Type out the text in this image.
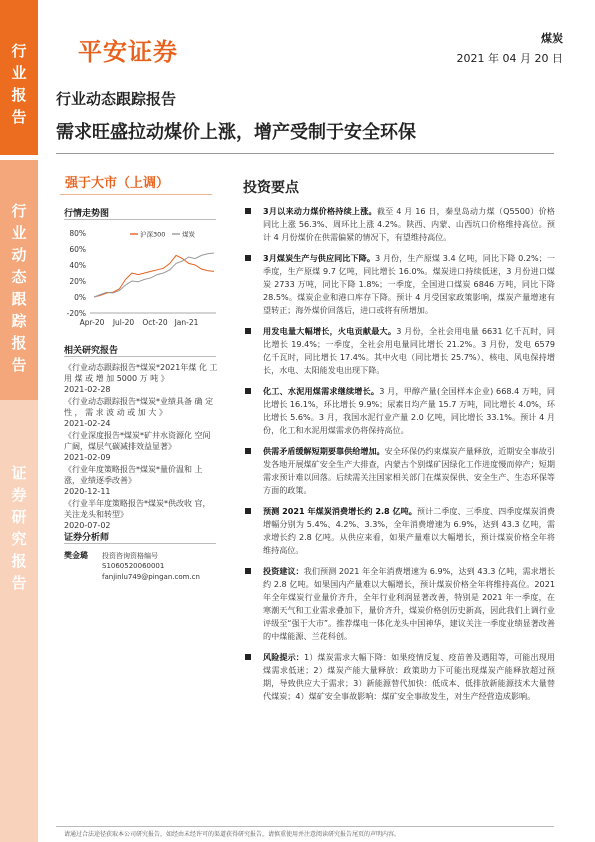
行
业
报
告
行
业
动
态
跟
踪
报
告
证
券
研
究
报
告
平安证券	煤炭
2021 年 04 月 20 日
行业动态跟踪报告
需求旺盛拉动煤价上涨，增产受制于安全环保
强于大市（上调）
行情走势图
80%
60%
40%
20%
0%
-20%
Apr-20 Jul-20 Oct-20 Jan-21
沪深300	煤炭
相关研究报告
《行业动态跟踪报告*煤炭*2021年煤 化 工 用 煤 或 增 加 5000 万 吨 》
2021-02-28
《行业动态跟踪报告*煤炭*业绩具备 确 定 性 ， 需 求 波 动 或 加 大 》
2021-02-24
《行业深度报告*煤炭*矿井水资源化 空间广阔，煤层气碳减排效益显著》
2021-02-09
《行业年度策略报告*煤炭*量价温和 上涨，业绩逐季改善》
2020-12-11
《行业半年度策略报告*煤炭*供改收 官，关注龙头和转型》
2020-07-02
证券分析师
樊金璐 投资咨询资格编号
S1060520060001
fanjinlu749@pingan.com.cn
投资要点
3月以来动力煤价格持续上涨。截至 4 月 16 日，秦皇岛动力煤（Q5500）价格同比上涨 56.3%、周环比上涨 4.2%。陕西、内蒙、山西坑口价格维持高位。预计 4 月份煤价在供需偏紧的情况下，有望维持高位。
3月煤炭生产与供应同比下降。3 月份，生产原煤 3.4 亿吨，同比下降 0.2%；一季度，生产原煤 9.7 亿吨，同比增长 16.0%。煤炭进口持续低迷，3 月份进口煤炭 2733 万吨，同比下降 1.8%；一季度，全国进口煤炭 6846 万吨，同比下降 28.5%。煤炭企业和港口库存下降。预计 4 月受国家政策影响，煤炭产量增速有望转正；海外煤价回落后，进口或将有所增加。
用发电量大幅增长，火电贡献最大。3 月份，全社会用电量 6631 亿千瓦时，同比增长 19.4%；一季度，全社会用电量同比增长 21.2%。3 月份，发电 6579 亿千瓦时，同比增长 17.4%。其中火电（同比增长 25.7%）、核电、风电保持增长，水电、太阳能发电出现下降。
化工、水泥用煤需求继续增长。3 月，甲醇产量(全国样本企业) 668.4 万吨，同比增长 16.1%，环比增长 9.9%；尿素日均产量 15.7 万吨，同比增长 4.0%，环比增长 5.6%。3 月，我国水泥行业产量 2.0 亿吨，同比增长 33.1%。预计 4 月份，化工和水泥用煤需求仍将保持高位。
供需矛盾缓解短期要靠供给增加。安全环保仍约束煤炭产量释放，近期安全事故引发各地开展煤矿安全生产大排查，内蒙古个别煤矿因绿化工作进度慢而停产；短期需求预计难以回落。后续需关注国家相关部门在煤炭保供、安全生产、生态环保等方面的政策。
预测 2021 年煤炭消费增长约 2.8 亿吨。预计二季度、三季度、四季度煤炭消费增幅分别为 5.4%、4.2%、3.3%，全年消费增速为 6.9%，达到 43.3 亿吨，需求增长约 2.8 亿吨。从供应来看，如果产量难以大幅增长，预计煤炭价格全年将维持高位。
投资建议：我们预测 2021 年全年消费增速为 6.9%，达到 43.3 亿吨，需求增长约 2.8 亿吨。如果国内产量难以大幅增长，预计煤炭价格全年将维持高位。2021 年全年煤炭行业量价齐升，全年行业利润显著改善，特别是 2021 年一季度，在寒潮天气和工业需求叠加下，量价齐升，煤炭价格创历史新高，因此我们上调行业评级至“强于大市”。推荐煤电一体化龙头中国神华，建议关注一季度业绩显著改善的中煤能源、兰花科创。
风险提示：1）煤炭需求大幅下降：如果疫情反复、疫苗普及遇阻等，可能出现用煤需求低迷；2）煤炭产能大量释放：政策助力下可能出现煤炭产能释放超过预期，导致供应大于需求；3）新能源替代加快：低成本、低排放新能源技术大量替代煤炭；4）煤矿安全事故影响：煤矿安全事故发生，对生产经营造成影响。
请通过合法途径获取本公司研究报告，如经由未经许可的渠道获得研究报告，请慎重使用并注意阅读研究报告尾页的声明内容。
